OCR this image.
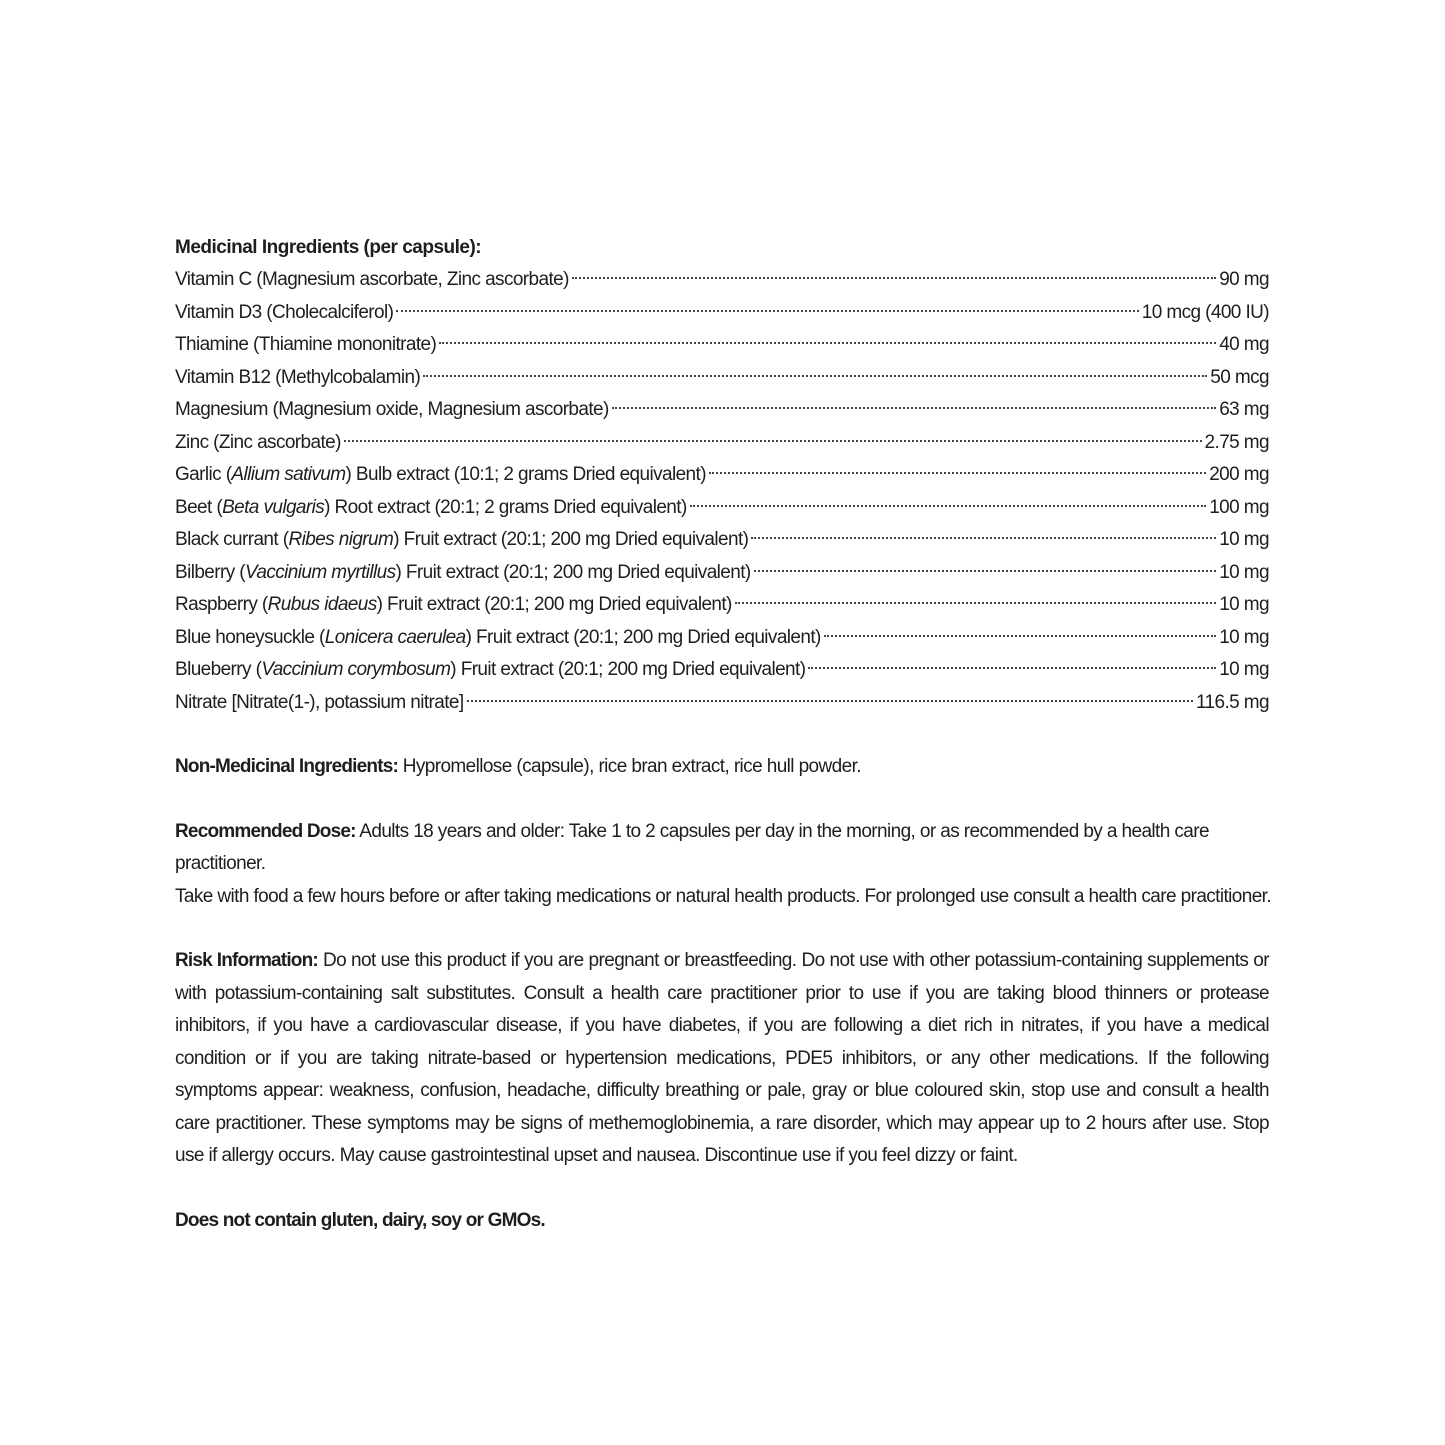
Medicinal Ingredients (per capsule):
Vitamin C (Magnesium ascorbate, Zinc ascorbate)	90 mg
Vitamin D3 (Cholecalciferol)	10 mcg (400 IU)
Thiamine (Thiamine mononitrate)	40 mg
Vitamin B12 (Methylcobalamin)	50 mcg
Magnesium (Magnesium oxide, Magnesium ascorbate)	63 mg
Zinc (Zinc ascorbate)	2.75 mg
Garlic (Allium sativum) Bulb extract (10:1; 2 grams Dried equivalent)	200 mg
Beet (Beta vulgaris) Root extract (20:1; 2 grams Dried equivalent)	100 mg
Black currant (Ribes nigrum) Fruit extract (20:1; 200 mg Dried equivalent)	10 mg
Bilberry (Vaccinium myrtillus) Fruit extract (20:1; 200 mg Dried equivalent)	10 mg
Raspberry (Rubus idaeus) Fruit extract (20:1; 200 mg Dried equivalent)	10 mg
Blue honeysuckle (Lonicera caerulea) Fruit extract (20:1; 200 mg Dried equivalent)	10 mg
Blueberry (Vaccinium corymbosum) Fruit extract (20:1; 200 mg Dried equivalent)	10 mg
Nitrate [Nitrate(1-), potassium nitrate]	116.5 mg

Non-Medicinal Ingredients: Hypromellose (capsule), rice bran extract, rice hull powder.

Recommended Dose: Adults 18 years and older: Take 1 to 2 capsules per day in the morning, or as recommended by a health care practitioner.
Take with food a few hours before or after taking medications or natural health products. For prolonged use consult a health care practitioner.

Risk Information: Do not use this product if you are pregnant or breastfeeding. Do not use with other potassium-containing supplements or with potassium-containing salt substitutes. Consult a health care practitioner prior to use if you are taking blood thinners or protease inhibitors, if you have a cardiovascular disease, if you have diabetes, if you are following a diet rich in nitrates, if you have a medical condition or if you are taking nitrate-based or hypertension medications, PDE5 inhibitors, or any other medications. If the following symptoms appear: weakness, confusion, headache, difficulty breathing or pale, gray or blue coloured skin, stop use and consult a health care practitioner. These symptoms may be signs of methemoglobinemia, a rare disorder, which may appear up to 2 hours after use. Stop use if allergy occurs. May cause gastrointestinal upset and nausea. Discontinue use if you feel dizzy or faint.

Does not contain gluten, dairy, soy or GMOs.
